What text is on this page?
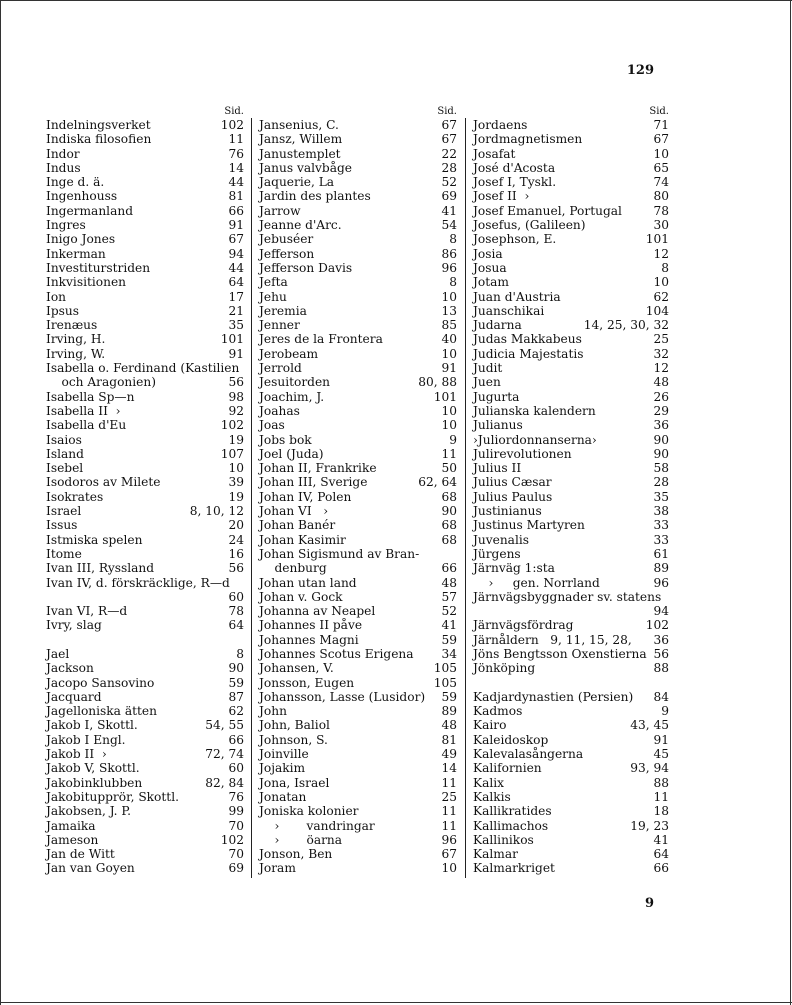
129
Sid.
Indelningsverket	102
Indiska filosofien	11
Indor	76
Indus	14
Inge d. ä.	44
Ingenhouss	81
Ingermanland	66
Ingres	91
Inigo Jones	67
Inkerman	94
Investiturstriden	44
Inkvisitionen	64
Ion	17
Ipsus	21
Irenæus	35
Irving, H.	101
Irving, W.	91
Isabella o. Ferdinand (Kastilien
och Aragonien)	56
Isabella Sp—n	98
Isabella II  ›	92
Isabella d'Eu	102
Isaios	19
Island	107
Isebel	10
Isodoros av Milete	39
Isokrates	19
Israel	8, 10, 12
Issus	20
Istmiska spelen	24
Itome	16
Ivan III, Ryssland	56
Ivan IV, d. förskräcklige, R—d
60
Ivan VI, R—d	78
Ivry, slag	64
Jael	8
Jackson	90
Jacopo Sansovino	59
Jacquard	87
Jagelloniska ätten	62
Jakob I, Skottl.	54, 55
Jakob I Engl.	66
Jakob II  ›	72, 74
Jakob V, Skottl.	60
Jakobinklubben	82, 84
Jakobitupprör, Skottl.	76
Jakobsen, J. P.	99
Jamaika	70
Jameson	102
Jan de Witt	70
Jan van Goyen	69
Sid.
Jansenius, C.	67
Jansz, Willem	67
Janustemplet	22
Janus valvbåge	28
Jaquerie, La	52
Jardin des plantes	69
Jarrow	41
Jeanne d'Arc.	54
Jebuséer	8
Jefferson	86
Jefferson Davis	96
Jefta	8
Jehu	10
Jeremia	13
Jenner	85
Jeres de la Frontera	40
Jerobeam	10
Jerrold	91
Jesuitorden	80, 88
Joachim, J.	101
Joahas	10
Joas	10
Jobs bok	9
Joel (Juda)	11
Johan II, Frankrike	50
Johan III, Sverige	62, 64
Johan IV, Polen	68
Johan VI   ›	90
Johan Banér	68
Johan Kasimir	68
Johan Sigismund av Bran-
denburg	66
Johan utan land	48
Johan v. Gock	57
Johanna av Neapel	52
Johannes II påve	41
Johannes Magni	59
Johannes Scotus Erigena 34
Johansen, V.	105
Jonsson, Eugen	105
Johansson, Lasse (Lusidor) 59
John	89
John, Baliol	48
Johnson, S.	81
Joinville	49
Jojakim	14
Jona, Israel	11
Jonatan	25
Joniska kolonier	11
›       vandringar	11
›       öarna	96
Jonson, Ben	67
Joram	10
Sid.
Jordaens	71
Jordmagnetismen	67
Josafat	10
José d'Acosta	65
Josef I, Tyskl.	74
Josef II  ›	80
Josef Emanuel, Portugal	78
Josefus, (Galileen)	30
Josephson, E.	101
Josia	12
Josua	8
Jotam	10
Juan d'Austria	62
Juanschikai	104
Judarna	14, 25, 30, 32
Judas Makkabeus	25
Judicia Majestatis	32
Judit	12
Juen	48
Jugurta	26
Julianska kalendern	29
Julianus	36
›Juliordonnanserna›	90
Julirevolutionen	90
Julius II	58
Julius Cæsar	28
Julius Paulus	35
Justinianus	38
Justinus Martyren	33
Juvenalis	33
Jürgens	61
Järnväg 1:sta	89
›     gen. Norrland	96
Järnvägsbyggnader sv. statens
94
Järnvägsfördrag	102
Järnåldern   9, 11, 15, 28, 36
Jöns Bengtsson Oxenstierna 56
Jönköping	88
Kadjardynastien (Persien) 84
Kadmos	9
Kairo	43, 45
Kaleidoskop	91
Kalevalasångerna	45
Kalifornien	93, 94
Kalix	88
Kalkis	11
Kallikratides	18
Kallimachos	19, 23
Kallinikos	41
Kalmar	64
Kalmarkriget	66
9
